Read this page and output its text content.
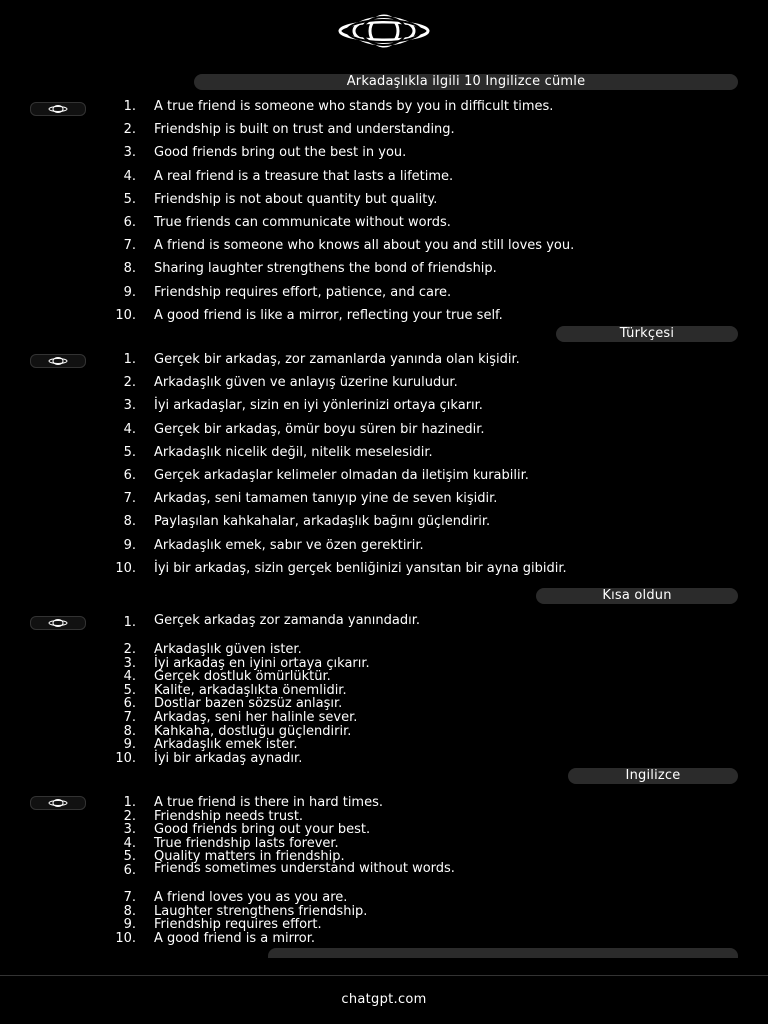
Arkadaşlıkla ilgili 10 İngilizce cümle
1.	A true friend is someone who stands by you in difficult times.
2.	Friendship is built on trust and understanding.
3.	Good friends bring out the best in you.
4.	A real friend is a treasure that lasts a lifetime.
5.	Friendship is not about quantity but quality.
6.	True friends can communicate without words.
7.	A friend is someone who knows all about you and still loves you.
8.	Sharing laughter strengthens the bond of friendship.
9.	Friendship requires effort, patience, and care.
10.	A good friend is like a mirror, reflecting your true self.
Türkçesi
1.	Gerçek bir arkadaş, zor zamanlarda yanında olan kişidir.
2.	Arkadaşlık güven ve anlayış üzerine kuruludur.
3.	İyi arkadaşlar, sizin en iyi yönlerinizi ortaya çıkarır.
4.	Gerçek bir arkadaş, ömür boyu süren bir hazinedir.
5.	Arkadaşlık nicelik değil, nitelik meselesidir.
6.	Gerçek arkadaşlar kelimeler olmadan da iletişim kurabilir.
7.	Arkadaş, seni tamamen tanıyıp yine de seven kişidir.
8.	Paylaşılan kahkahalar, arkadaşlık bağını güçlendirir.
9.	Arkadaşlık emek, sabır ve özen gerektirir.
10.	İyi bir arkadaş, sizin gerçek benliğinizi yansıtan bir ayna gibidir.
Kısa oldun
1.	Gerçek arkadaş zor zamanda yanındadır.
2.	Arkadaşlık güven ister.
3.	İyi arkadaş en iyini ortaya çıkarır.
4.	Gerçek dostluk ömürlüktür.
5.	Kalite, arkadaşlıkta önemlidir.
6.	Dostlar bazen sözsüz anlaşır.
7.	Arkadaş, seni her halinle sever.
8.	Kahkaha, dostluğu güçlendirir.
9.	Arkadaşlık emek ister.
10.	İyi bir arkadaş aynadır.
İngilizce
1.	A true friend is there in hard times.
2.	Friendship needs trust.
3.	Good friends bring out your best.
4.	True friendship lasts forever.
5.	Quality matters in friendship.
6.	Friends sometimes understand without words.
7.	A friend loves you as you are.
8.	Laughter strengthens friendship.
9.	Friendship requires effort.
10.	A good friend is a mirror.
chatgpt.com
